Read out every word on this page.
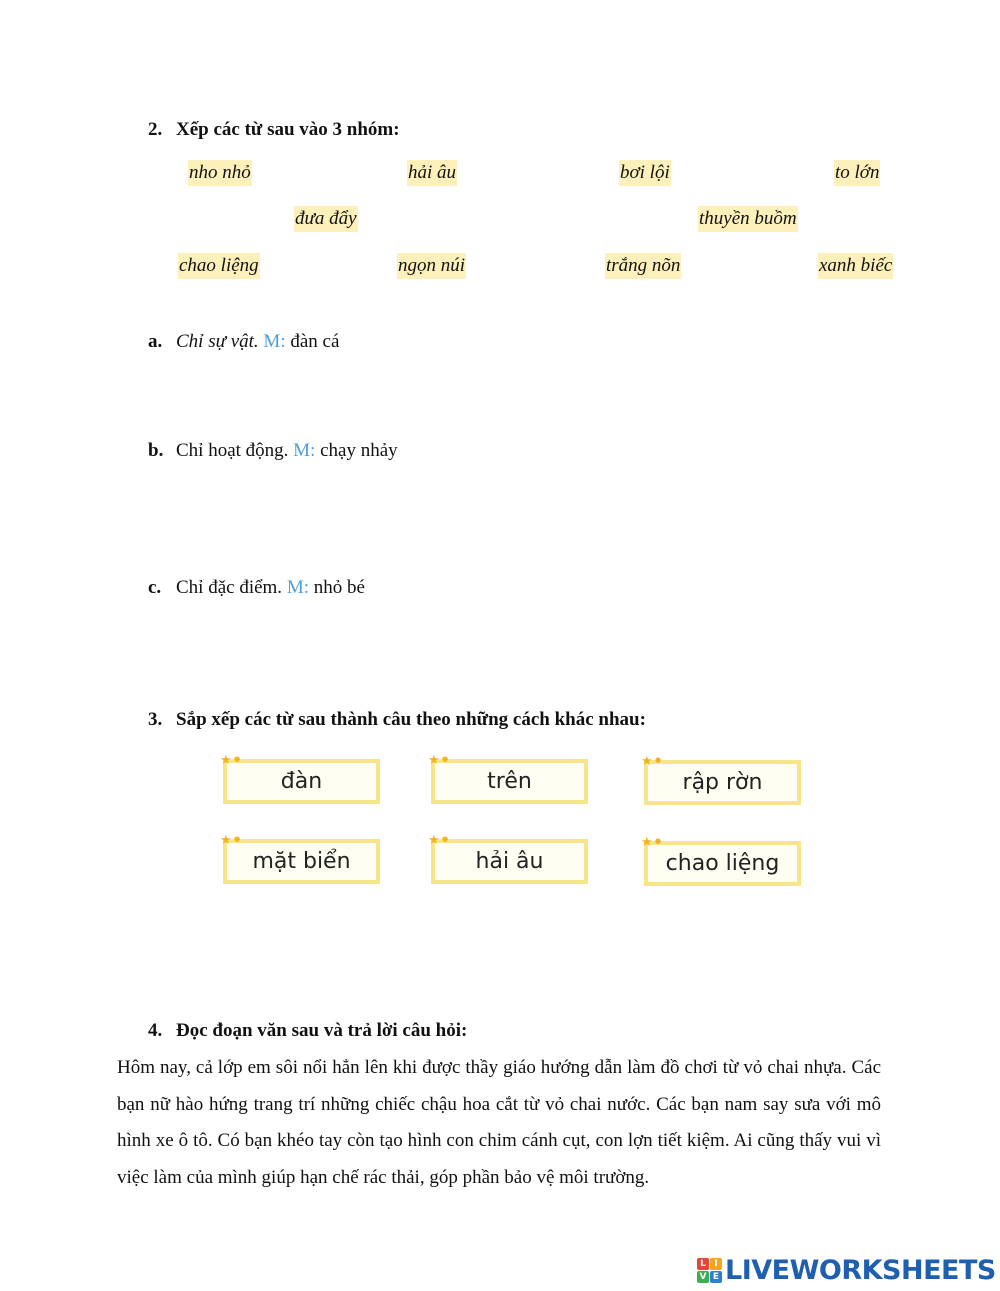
2. Xếp các từ sau vào 3 nhóm:
nho nhỏ	hải âu	bơi lội	to lớn
đưa đẩy	thuyền buồm
chao liệng	ngọn núi	trắng nõn	xanh biếc
a. Chỉ sự vật. M: đàn cá
b. Chỉ hoạt động. M: chạy nhảy
c. Chỉ đặc điểm. M: nhỏ bé
3. Sắp xếp các từ sau thành câu theo những cách khác nhau:
★ ●
đàn
★ ●
trên
★ ●
rập rờn
★ ●
mặt biển
★ ●
hải âu
★ ●
chao liệng
4. Đọc đoạn văn sau và trả lời câu hỏi:
Hôm nay, cả lớp em sôi nổi hẳn lên khi được thầy giáo hướng dẫn làm đồ chơi từ vỏ chai nhựa. Các bạn nữ hào hứng trang trí những chiếc chậu hoa cắt từ vỏ chai nước. Các bạn nam say sưa với mô hình xe ô tô. Có bạn khéo tay còn tạo hình con chim cánh cụt, con lợn tiết kiệm. Ai cũng thấy vui vì việc làm của mình giúp hạn chế rác thải, góp phần bảo vệ môi trường.
L I
V E LIVEWORKSHEETS
